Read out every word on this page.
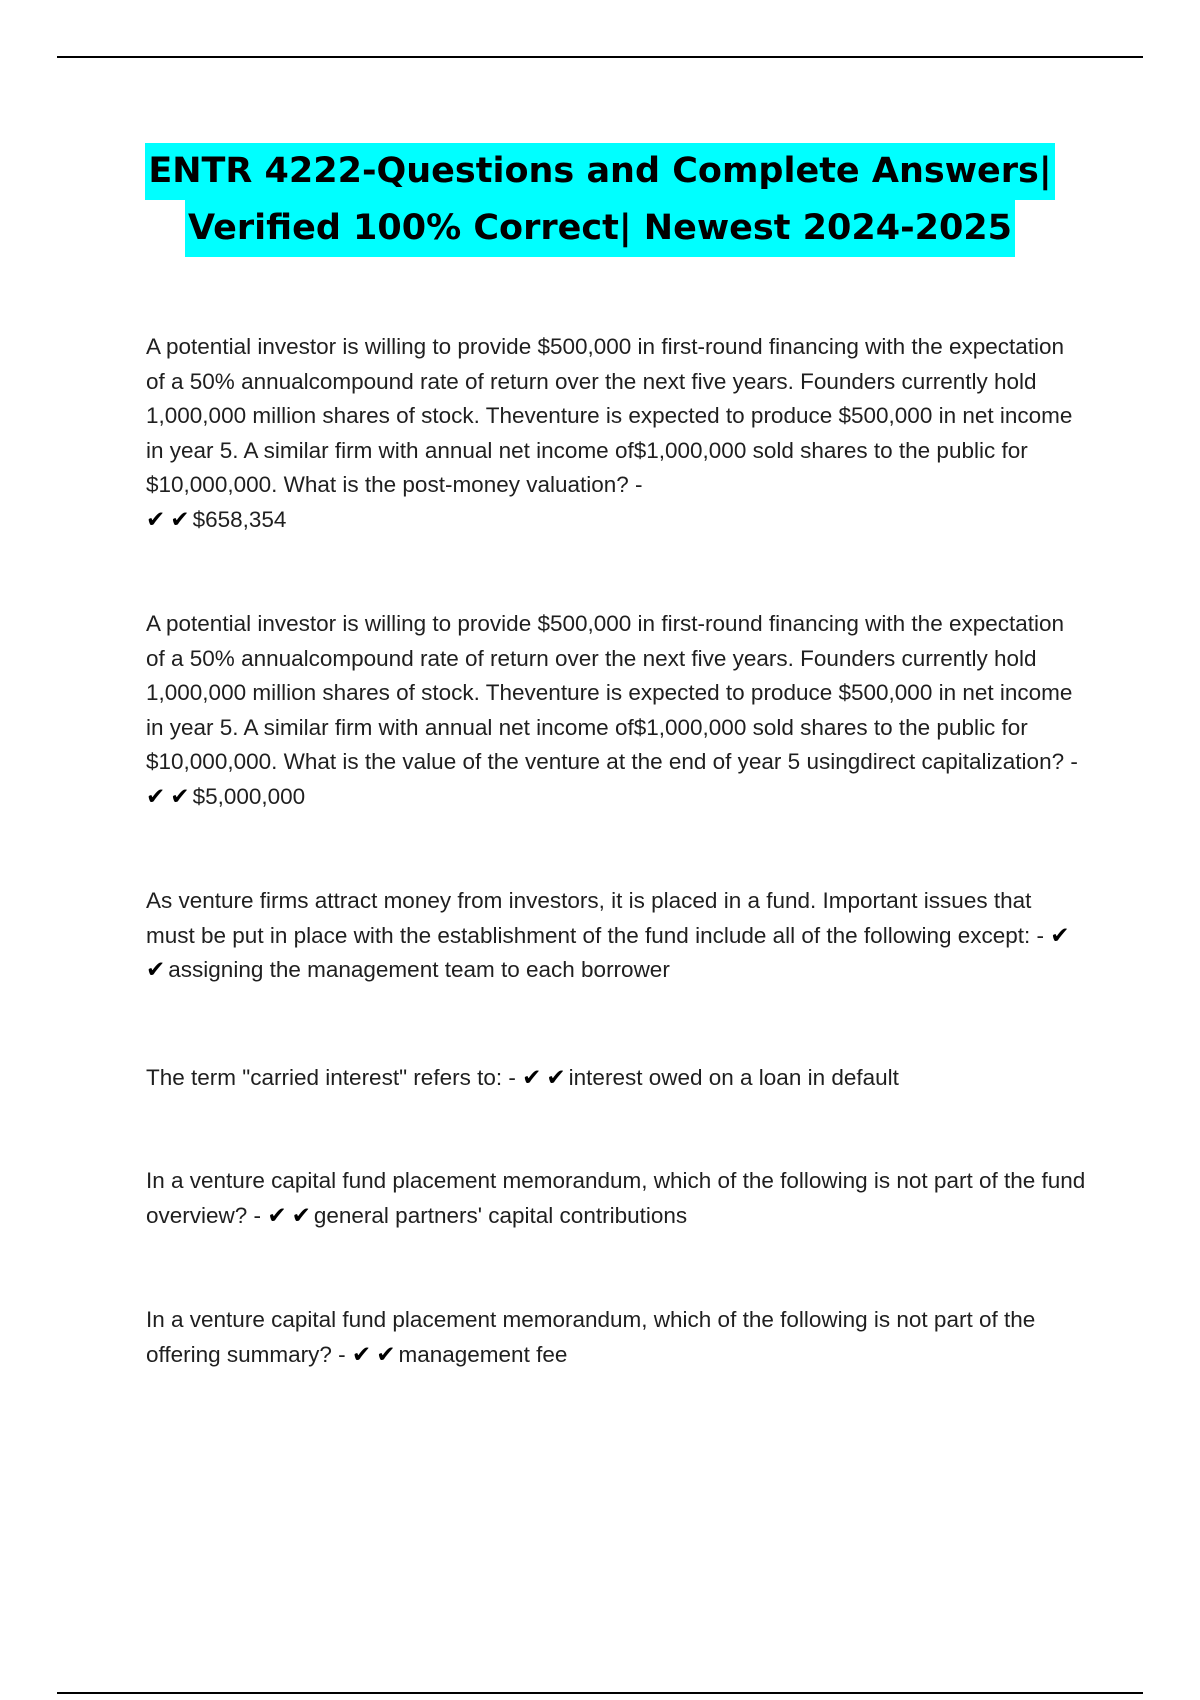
ENTR 4222-Questions and Complete Answers|
Verified 100% Correct| Newest 2024-2025

A potential investor is willing to provide $500,000 in first-round financing with the expectation of a 50% annualcompound rate of return over the next five years. Founders currently hold 1,000,000 million shares of stock. Theventure is expected to produce $500,000 in net income in year 5. A similar firm with annual net income of$1,000,000 sold shares to the public for $10,000,000. What is the post-money valuation? -
✔ ✔ $658,354

A potential investor is willing to provide $500,000 in first-round financing with the expectation of a 50% annualcompound rate of return over the next five years. Founders currently hold 1,000,000 million shares of stock. Theventure is expected to produce $500,000 in net income in year 5. A similar firm with annual net income of$1,000,000 sold shares to the public for $10,000,000. What is the value of the venture at the end of year 5 usingdirect capitalization? - ✔ ✔ $5,000,000

As venture firms attract money from investors, it is placed in a fund. Important issues that must be put in place with the establishment of the fund include all of the following except: - ✔✔ assigning the management team to each borrower

The term "carried interest" refers to: - ✔ ✔ interest owed on a loan in default

In a venture capital fund placement memorandum, which of the following is not part of the fund overview? - ✔ ✔ general partners' capital contributions

In a venture capital fund placement memorandum, which of the following is not part of the offering summary? - ✔ ✔ management fee
